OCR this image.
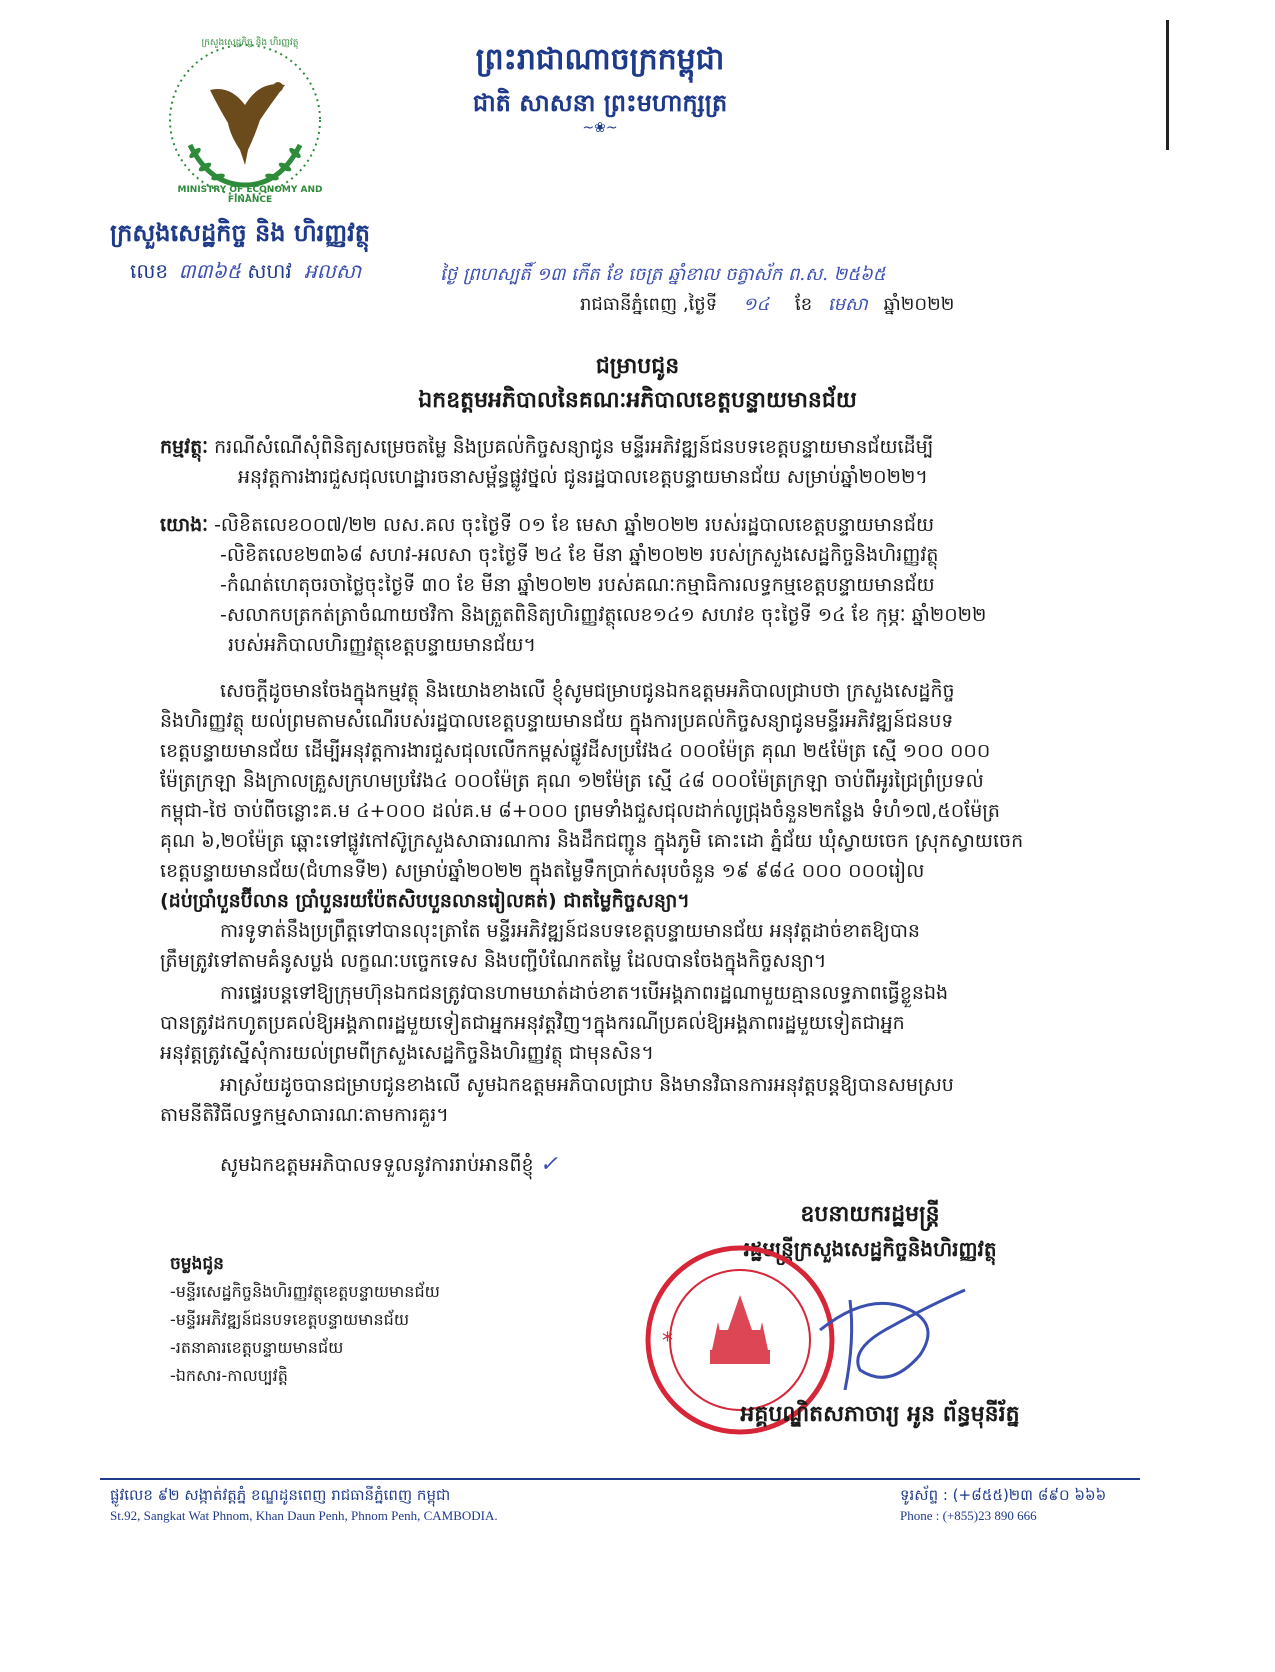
MINISTRY OF ECONOMY AND FINANCE
ក្រសួងសេដ្ឋកិច្ច និង ហិរញ្ញវត្ថុ
ក្រសួងសេដ្ឋកិច្ច និង ហិរញ្ញវត្ថុ
លេខ ៣៣៦៥ សហវ អលសា
ព្រះរាជាណាចក្រកម្ពុជា
ជាតិ សាសនា ព្រះមហាក្សត្រ
~❀~
ថ្ងៃ ព្រហស្បតិ៍ ១៣ កើត ខែ ចេត្រ ឆ្នាំខាល ចត្វាស័ក ព.ស. ២៥៦៥
រាជធានីភ្នំពេញ ,ថ្ងៃទី ១៤ ខែ មេសា ឆ្នាំ២០២២
ជម្រាបជូន
ឯកឧត្តមអភិបាលនៃគណៈអភិបាលខេត្តបន្ទាយមានជ័យ

កម្មវត្ថុៈ ករណីសំណើសុំពិនិត្យសម្រេចតម្លៃ និងប្រគល់កិច្ចសន្យាជូន មន្ទីរអភិវឌ្ឍន៍ជនបទខេត្តបន្ទាយមានជ័យដើម្បី

អនុវត្តការងារជួសជុលហេដ្ឋារចនាសម្ព័ន្ធផ្លូវថ្នល់ ជូនរដ្ឋបាលខេត្តបន្ទាយមានជ័យ សម្រាប់ឆ្នាំ២០២២។

យោងៈ -លិខិតលេខ០០៧/២២ លស.គល ចុះថ្ងៃទី ០១ ខែ មេសា ឆ្នាំ២០២២ របស់រដ្ឋបាលខេត្តបន្ទាយមានជ័យ

-លិខិតលេខ២៣៦៨ សហវ-អលសា ចុះថ្ងៃទី ២៤ ខែ មីនា ឆ្នាំ២០២២ របស់ក្រសួងសេដ្ឋកិច្ចនិងហិរញ្ញវត្ថុ

-កំណត់ហេតុចរចាថ្លៃចុះថ្ងៃទី ៣០ ខែ មីនា ឆ្នាំ២០២២ របស់គណៈកម្មាធិការលទ្ធកម្មខេត្តបន្ទាយមានជ័យ

-សលាកបត្រកត់ត្រាចំណាយថវិកា និងត្រួតពិនិត្យហិរញ្ញវត្ថុលេខ១៤១ សហវខ ចុះថ្ងៃទី ១៤ ខែ កុម្ភៈ ឆ្នាំ២០២២

របស់អភិបាលហិរញ្ញវត្ថុខេត្តបន្ទាយមានជ័យ។

សេចក្តីដូចមានចែងក្នុងកម្មវត្ថុ និងយោងខាងលើ ខ្ញុំសូមជម្រាបជូនឯកឧត្តមអភិបាលជ្រាបថា ក្រសួងសេដ្ឋកិច្ច

និងហិរញ្ញវត្ថុ យល់ព្រមតាមសំណើរបស់រដ្ឋបាលខេត្តបន្ទាយមានជ័យ ក្នុងការប្រគល់កិច្ចសន្យាជូនមន្ទីរអភិវឌ្ឍន៍ជនបទ

ខេត្តបន្ទាយមានជ័យ ដើម្បីអនុវត្តការងារជួសជុលលើកកម្ពស់ផ្លូវដីសប្រវែង៤ ០០០ម៉ែត្រ គុណ ២៥ម៉ែត្រ ស្មើ ១០០ ០០០

ម៉ែត្រក្រឡា និងក្រាលគ្រួសក្រហមប្រវែង៤ ០០០ម៉ែត្រ គុណ ១២ម៉ែត្រ ស្មើ ៤៨ ០០០ម៉ែត្រក្រឡា ចាប់ពីអូរជ្រៃព្រំប្រទល់

កម្ពុជា-ថៃ ចាប់ពីចន្លោះគ.ម ៤+០០០ ដល់គ.ម ៨+០០០ ព្រមទាំងជួសជុលដាក់លូជ្រុងចំនួន២កន្លែង ទំហំ១៧,៥០ម៉ែត្រ

គុណ ៦,២០ម៉ែត្រ ឆ្ពោះទៅផ្លូវកៅស៊ូក្រសួងសាធារណការ និងដឹកជញ្ជូន ក្នុងភូមិ គោះដោ ភ្នំជ័យ ឃុំស្វាយចេក ស្រុកស្វាយចេក

ខេត្តបន្ទាយមានជ័យ(ជំហានទី២) សម្រាប់ឆ្នាំ២០២២ ក្នុងតម្លៃទឹកប្រាក់សរុបចំនួន ១៩ ៩៨៤ ០០០ ០០០រៀល

(ដប់ប្រាំបួនប៊ីលាន ប្រាំបួនរយប៉ែតសិបបួនលានរៀលគត់) ជាតម្លៃកិច្ចសន្យា។

ការទូទាត់នឹងប្រព្រឹត្តទៅបានលុះត្រាតែ មន្ទីរអភិវឌ្ឍន៍ជនបទខេត្តបន្ទាយមានជ័យ អនុវត្តដាច់ខាតឱ្យបាន

ត្រឹមត្រូវទៅតាមគំនូសប្លង់ លក្ខណៈបច្ចេកទេស និងបញ្ជីបំណែកតម្លៃ ដែលបានចែងក្នុងកិច្ចសន្យា។

ការផ្ទេរបន្តទៅឱ្យក្រុមហ៊ុនឯកជនត្រូវបានហាមឃាត់ដាច់ខាត។បើអង្គភាពរដ្ឋណាមួយគ្មានលទ្ធភាពធ្វើខ្លួនឯង

បានត្រូវដកហូតប្រគល់ឱ្យអង្គភាពរដ្ឋមួយទៀតជាអ្នកអនុវត្តវិញ។ក្នុងករណីប្រគល់ឱ្យអង្គភាពរដ្ឋមួយទៀតជាអ្នក

អនុវត្តត្រូវស្នើសុំការយល់ព្រមពីក្រសួងសេដ្ឋកិច្ចនិងហិរញ្ញវត្ថុ ជាមុនសិន។

អាស្រ័យដូចបានជម្រាបជូនខាងលើ សូមឯកឧត្តមអភិបាលជ្រាប និងមានវិធានការអនុវត្តបន្តឱ្យបានសមស្រប

តាមនីតិវិធីលទ្ធកម្មសាធារណៈតាមការគួរ។

សូមឯកឧត្តមអភិបាលទទួលនូវការរាប់អានពីខ្ញុំ ✓
ឧបនាយករដ្ឋមន្ត្រី
រដ្ឋមន្ត្រីក្រសួងសេដ្ឋកិច្ចនិងហិរញ្ញវត្ថុ
*
អគ្គបណ្ឌិតសភាចារ្យ អូន ព័ន្ធមុនីរ័ត្ន

ចម្លងជូន

-មន្ទីរសេដ្ឋកិច្ចនិងហិរញ្ញវត្ថុខេត្តបន្ទាយមានជ័យ

-មន្ទីរអភិវឌ្ឍន៍ជនបទខេត្តបន្ទាយមានជ័យ

-រតនាគារខេត្តបន្ទាយមានជ័យ

-ឯកសារ-កាលប្បវត្តិ

ផ្លូវលេខ ៩២ សង្កាត់វត្តភ្នំ ខណ្ឌដូនពេញ រាជធានីភ្នំពេញ កម្ពុជា
St.92, Sangkat Wat Phnom, Khan Daun Penh, Phnom Penh, CAMBODIA.
ទូរស័ព្ទ : (+៨៥៥)២៣ ៨៩០ ៦៦៦
Phone : (+855)23 890 666
